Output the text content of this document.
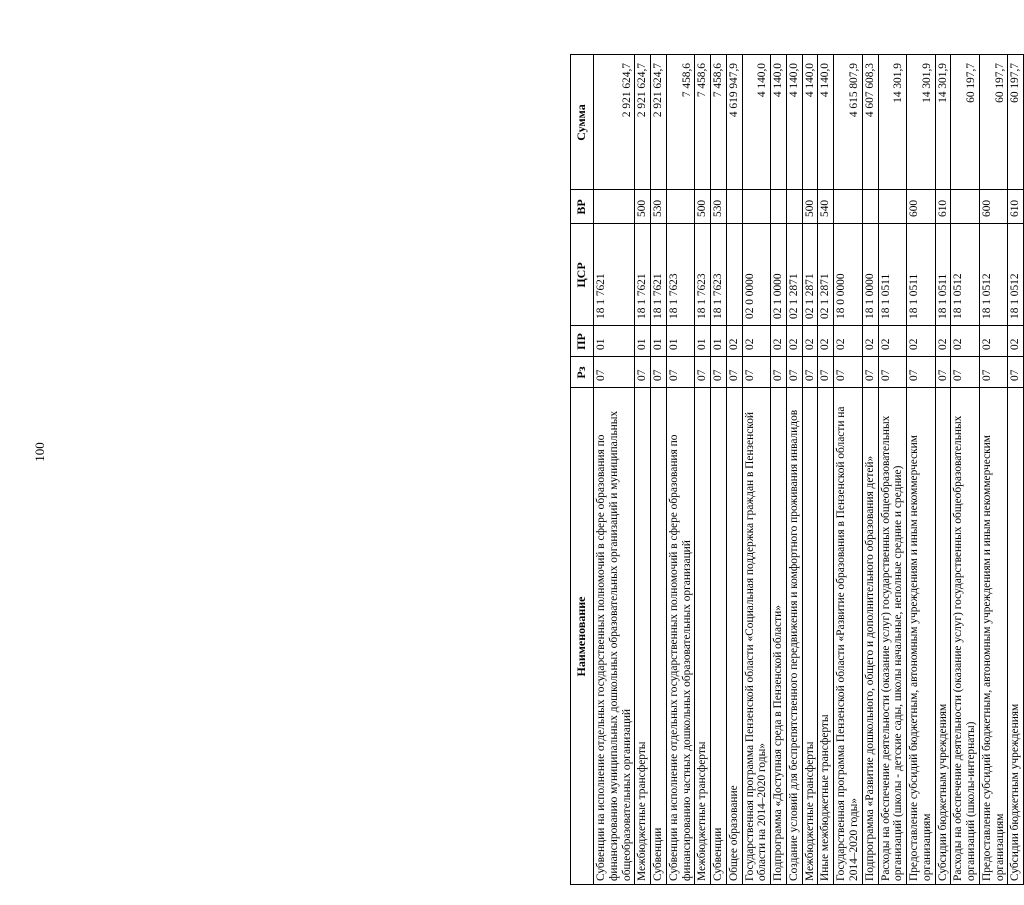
100
Наименование	Рз	ПР	ЦСР	ВР	Сумма
Субвенции на исполнение отдельных государственных полномочий в сфере образования по финансированию муниципальных дошкольных образовательных организаций и муниципальных общеобразовательных организаций	07	01	18 1 7621		2 921 624,7
Межбюджетные трансферты	07	01	18 1 7621	500	2 921 624,7
Субвенции	07	01	18 1 7621	530	2 921 624,7
Субвенции на исполнение отдельных государственных полномочий в сфере образования по финансированию частных дошкольных образовательных организаций	07	01	18 1 7623		7 458,6
Межбюджетные трансферты	07	01	18 1 7623	500	7 458,6
Субвенции	07	01	18 1 7623	530	7 458,6
Общее образование	07	02			4 619 947,9
Государственная программа Пензенской области «Социальная поддержка граждан в Пензенской области на 2014–2020 годы»	07	02	02 0 0000		4 140,0
Подпрограмма «Доступная среда в Пензенской области»	07	02	02 1 0000		4 140,0
Создание условий для беспрепятственного передвижения и комфортного проживания инвалидов	07	02	02 1 2871		4 140,0
Межбюджетные трансферты	07	02	02 1 2871	500	4 140,0
Иные межбюджетные трансферты	07	02	02 1 2871	540	4 140,0
Государственная программа Пензенской области «Развитие образования в Пензенской области на 2014–2020 годы»	07	02	18 0 0000		4 615 807,9
Подпрограмма «Развитие дошкольного, общего и дополнительного образования детей»	07	02	18 1 0000		4 607 608,3
Расходы на обеспечение деятельности (оказание услуг) государственных общеобразовательных организаций (школы - детские сады, школы начальные, неполные средние и средние)	07	02	18 1 0511		14 301,9
Предоставление субсидий бюджетным, автономным учреждениям и иным некоммерческим организациям	07	02	18 1 0511	600	14 301,9
Субсидии бюджетным учреждениям	07	02	18 1 0511	610	14 301,9
Расходы на обеспечение деятельности (оказание услуг) государственных общеобразовательных организаций (школы-интернаты)	07	02	18 1 0512		60 197,7
Предоставление субсидий бюджетным, автономным учреждениям и иным некоммерческим организациям	07	02	18 1 0512	600	60 197,7
Субсидии бюджетным учреждениям	07	02	18 1 0512	610	60 197,7
